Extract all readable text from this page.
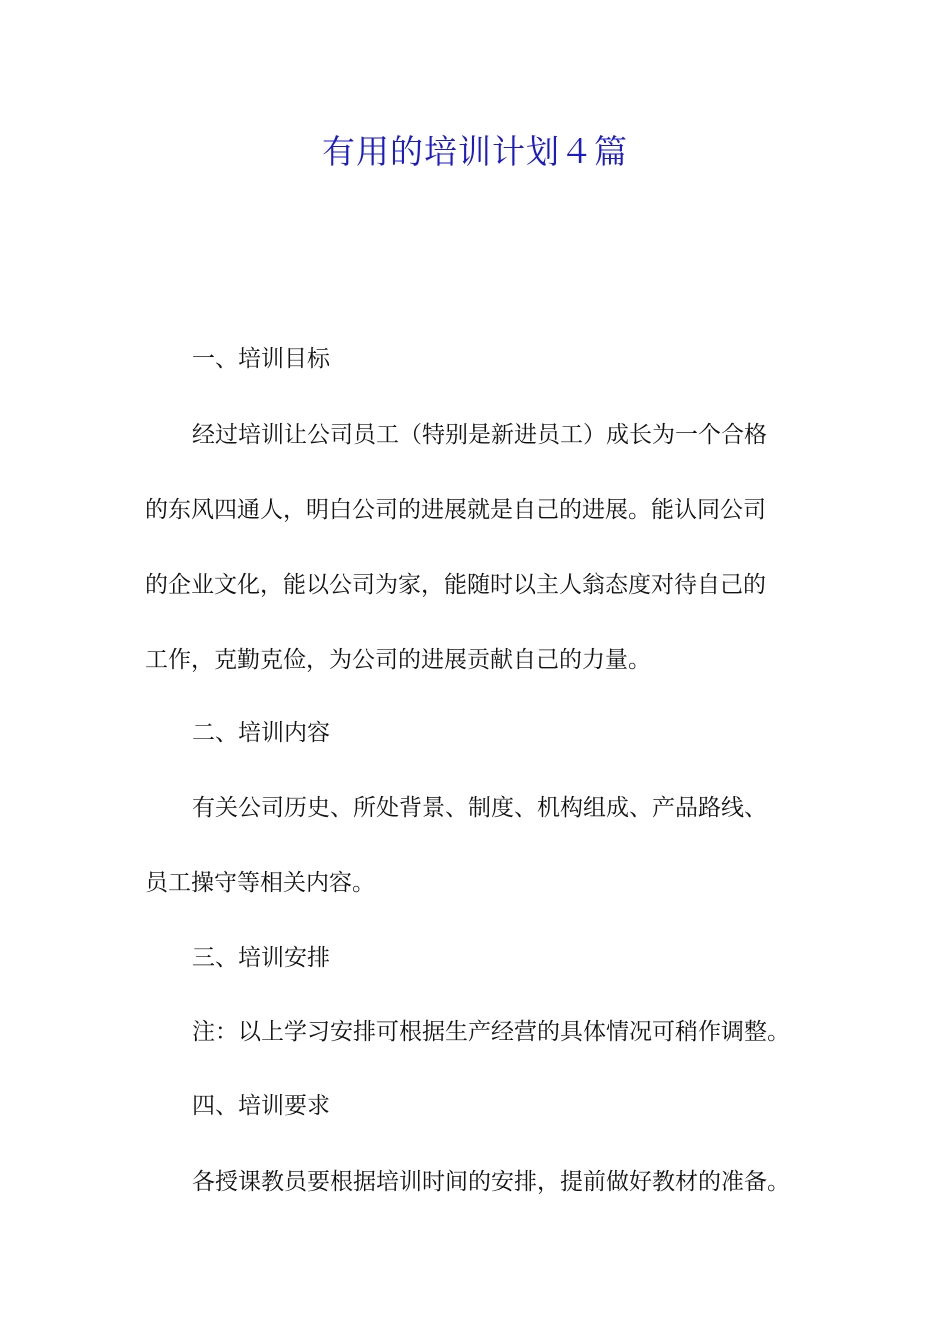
有用的培训计划４篇
一、培训目标
经过培训让公司员工（特别是新进员工）成长为一个合格
的东风四通人，明白公司的进展就是自己的进展。能认同公司
的企业文化，能以公司为家，能随时以主人翁态度对待自己的
工作，克勤克俭，为公司的进展贡献自己的力量。
二、培训内容
有关公司历史、所处背景、制度、机构组成、产品路线、
员工操守等相关内容。
三、培训安排
注：以上学习安排可根据生产经营的具体情况可稍作调整。
四、培训要求
各授课教员要根据培训时间的安排，提前做好教材的准备。
